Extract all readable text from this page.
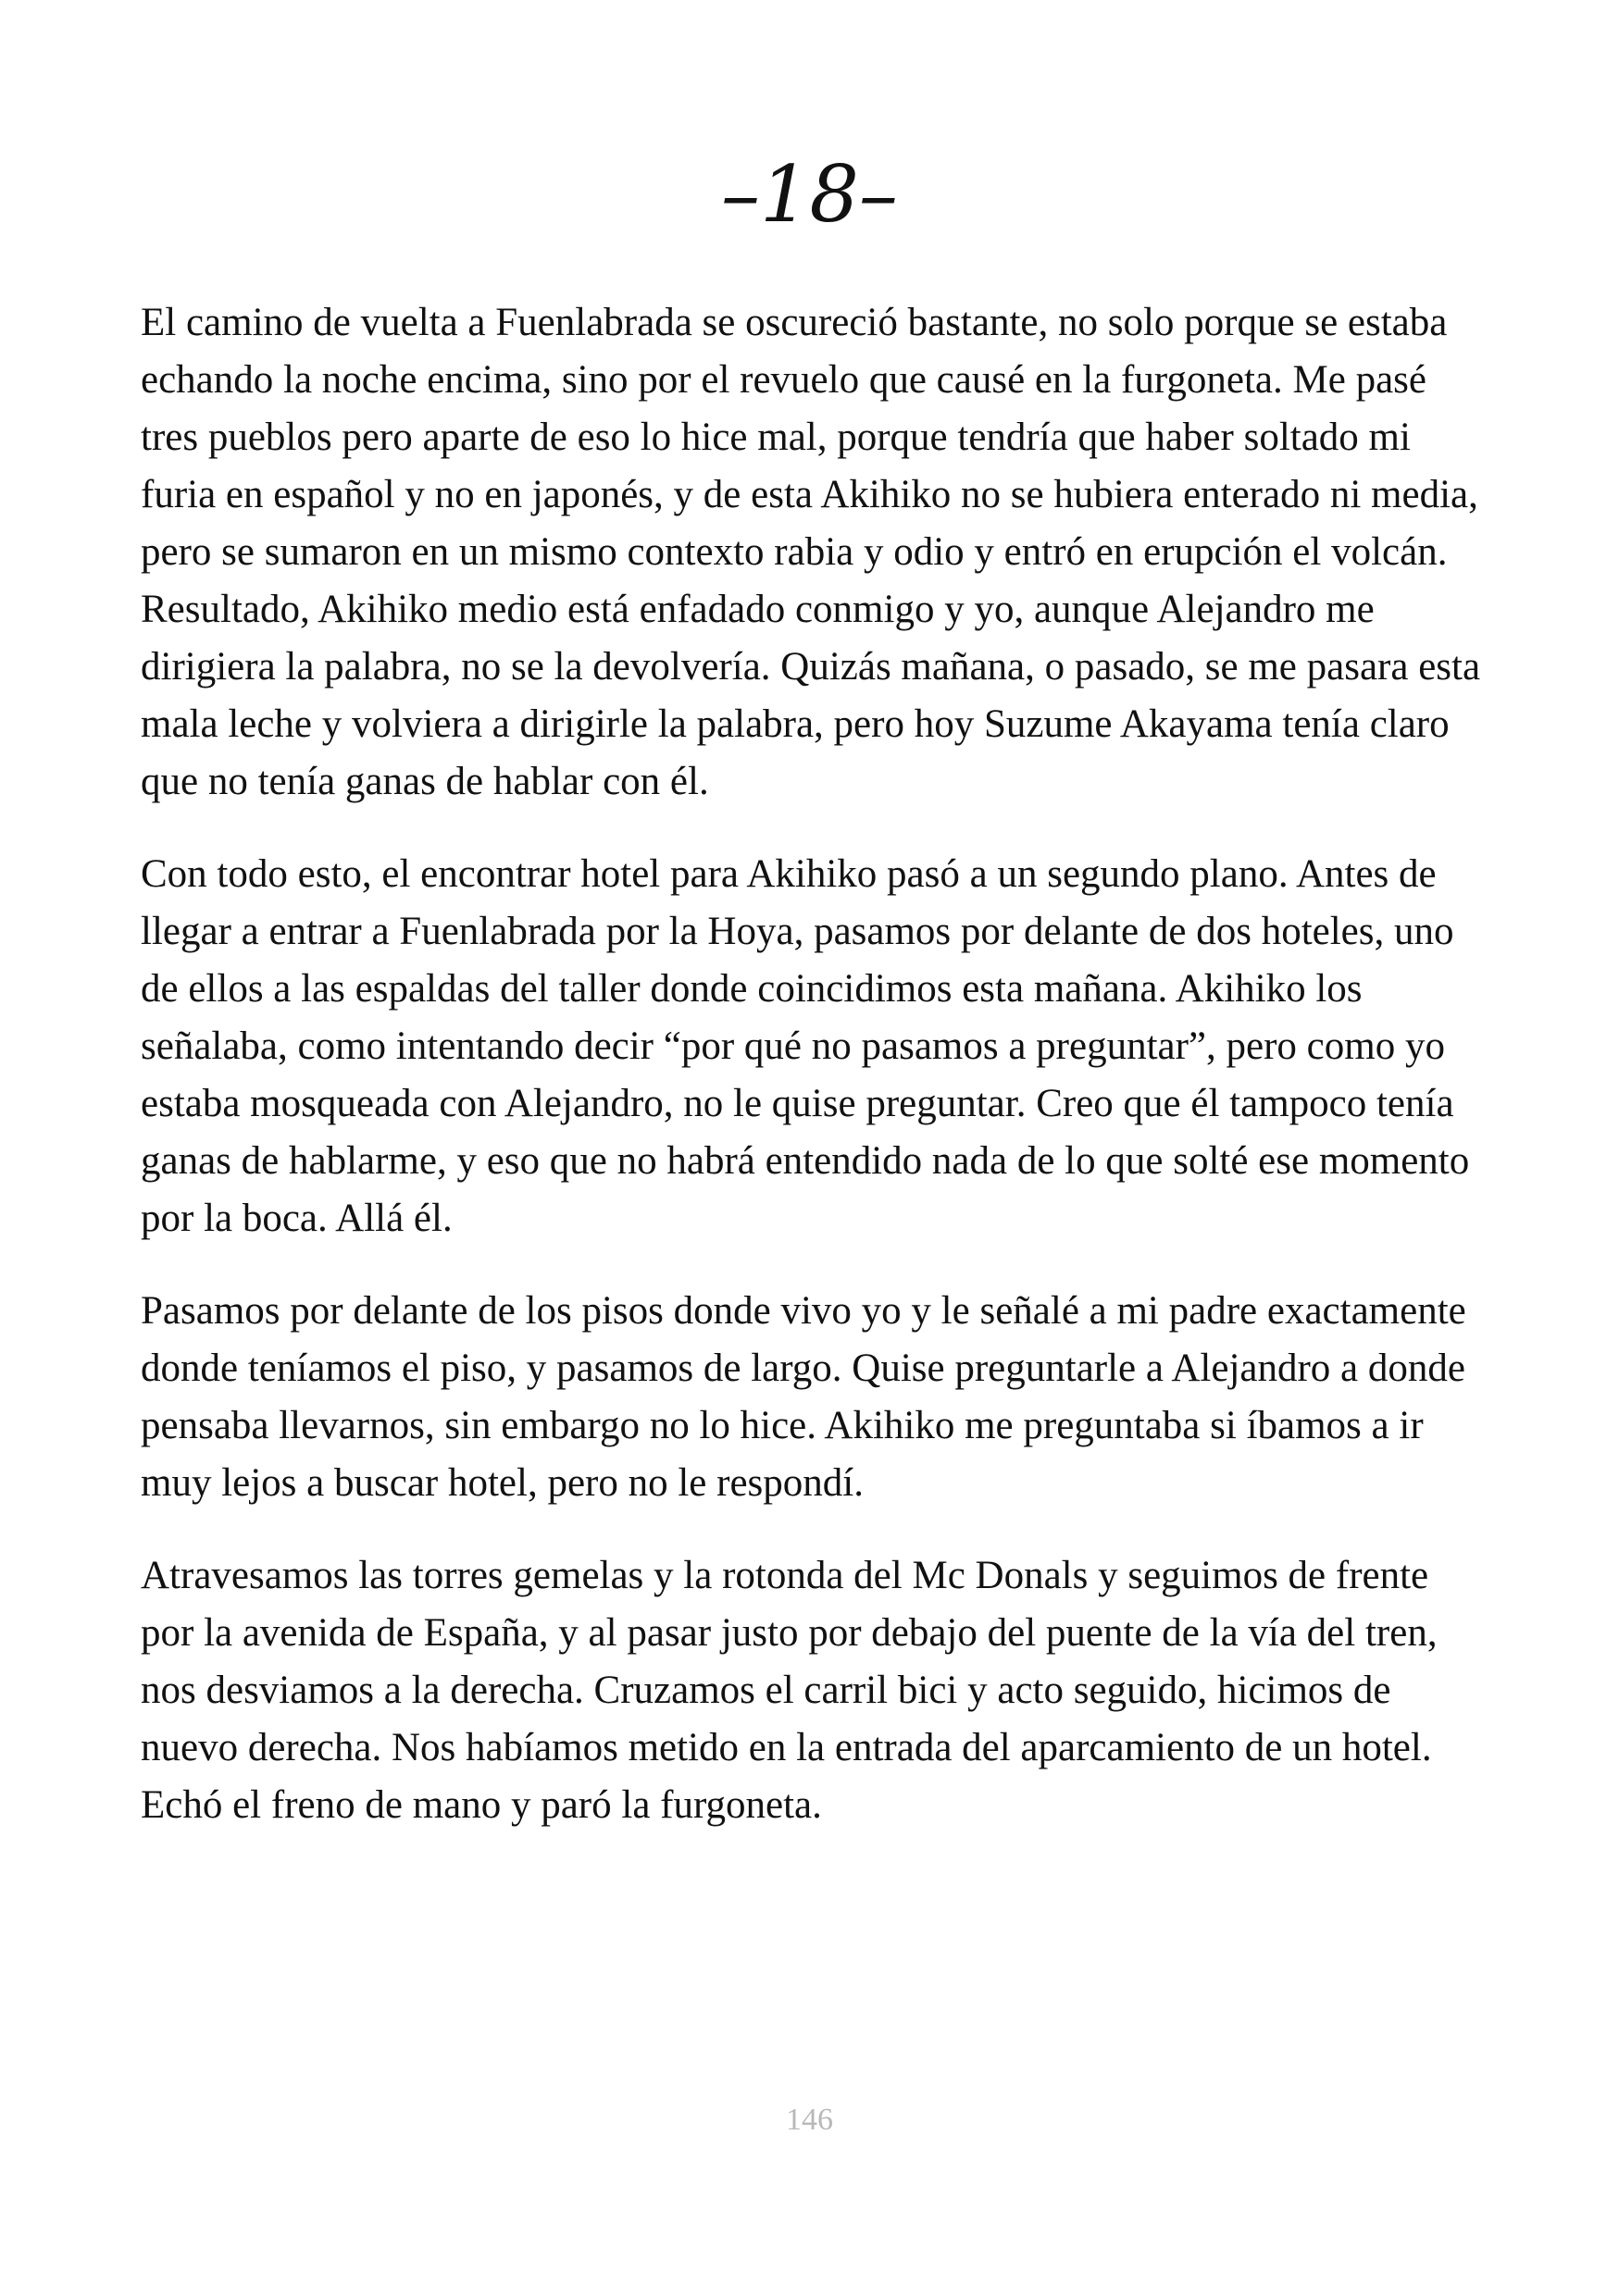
–18–

El camino de vuelta a Fuenlabrada se oscureció bastante, no solo porque se estaba echando la noche encima, sino por el revuelo que causé en la furgoneta. Me pasé tres pueblos pero aparte de eso lo hice mal, porque tendría que haber soltado mi furia en español y no en japonés, y de esta Akihiko no se hubiera enterado ni media, pero se sumaron en un mismo contexto rabia y odio y entró en erupción el volcán. Resultado, Akihiko medio está enfadado conmigo y yo, aunque Alejandro me dirigiera la palabra, no se la devolvería. Quizás mañana, o pasado, se me pasara esta mala leche y volviera a dirigirle la palabra, pero hoy Suzume Akayama tenía claro que no tenía ganas de hablar con él.

Con todo esto, el encontrar hotel para Akihiko pasó a un segundo plano. Antes de llegar a entrar a Fuenlabrada por la Hoya, pasamos por delante de dos hoteles, uno de ellos a las espaldas del taller donde coincidimos esta mañana. Akihiko los señalaba, como intentando decir “por qué no pasamos a preguntar”, pero como yo estaba mosqueada con Alejandro, no le quise preguntar. Creo que él tampoco tenía ganas de hablarme, y eso que no habrá entendido nada de lo que solté ese momento por la boca. Allá él.

Pasamos por delante de los pisos donde vivo yo y le señalé a mi padre exactamente donde teníamos el piso, y pasamos de largo. Quise preguntarle a Alejandro a donde pensaba llevarnos, sin embargo no lo hice. Akihiko me preguntaba si íbamos a ir muy lejos a buscar hotel, pero no le respondí.

Atravesamos las torres gemelas y la rotonda del Mc Donals y seguimos de frente por la avenida de España, y al pasar justo por debajo del puente de la vía del tren, nos desviamos a la derecha. Cruzamos el carril bici y acto seguido, hicimos de nuevo derecha. Nos habíamos metido en la entrada del aparcamiento de un hotel. Echó el freno de mano y paró la furgoneta.

146
